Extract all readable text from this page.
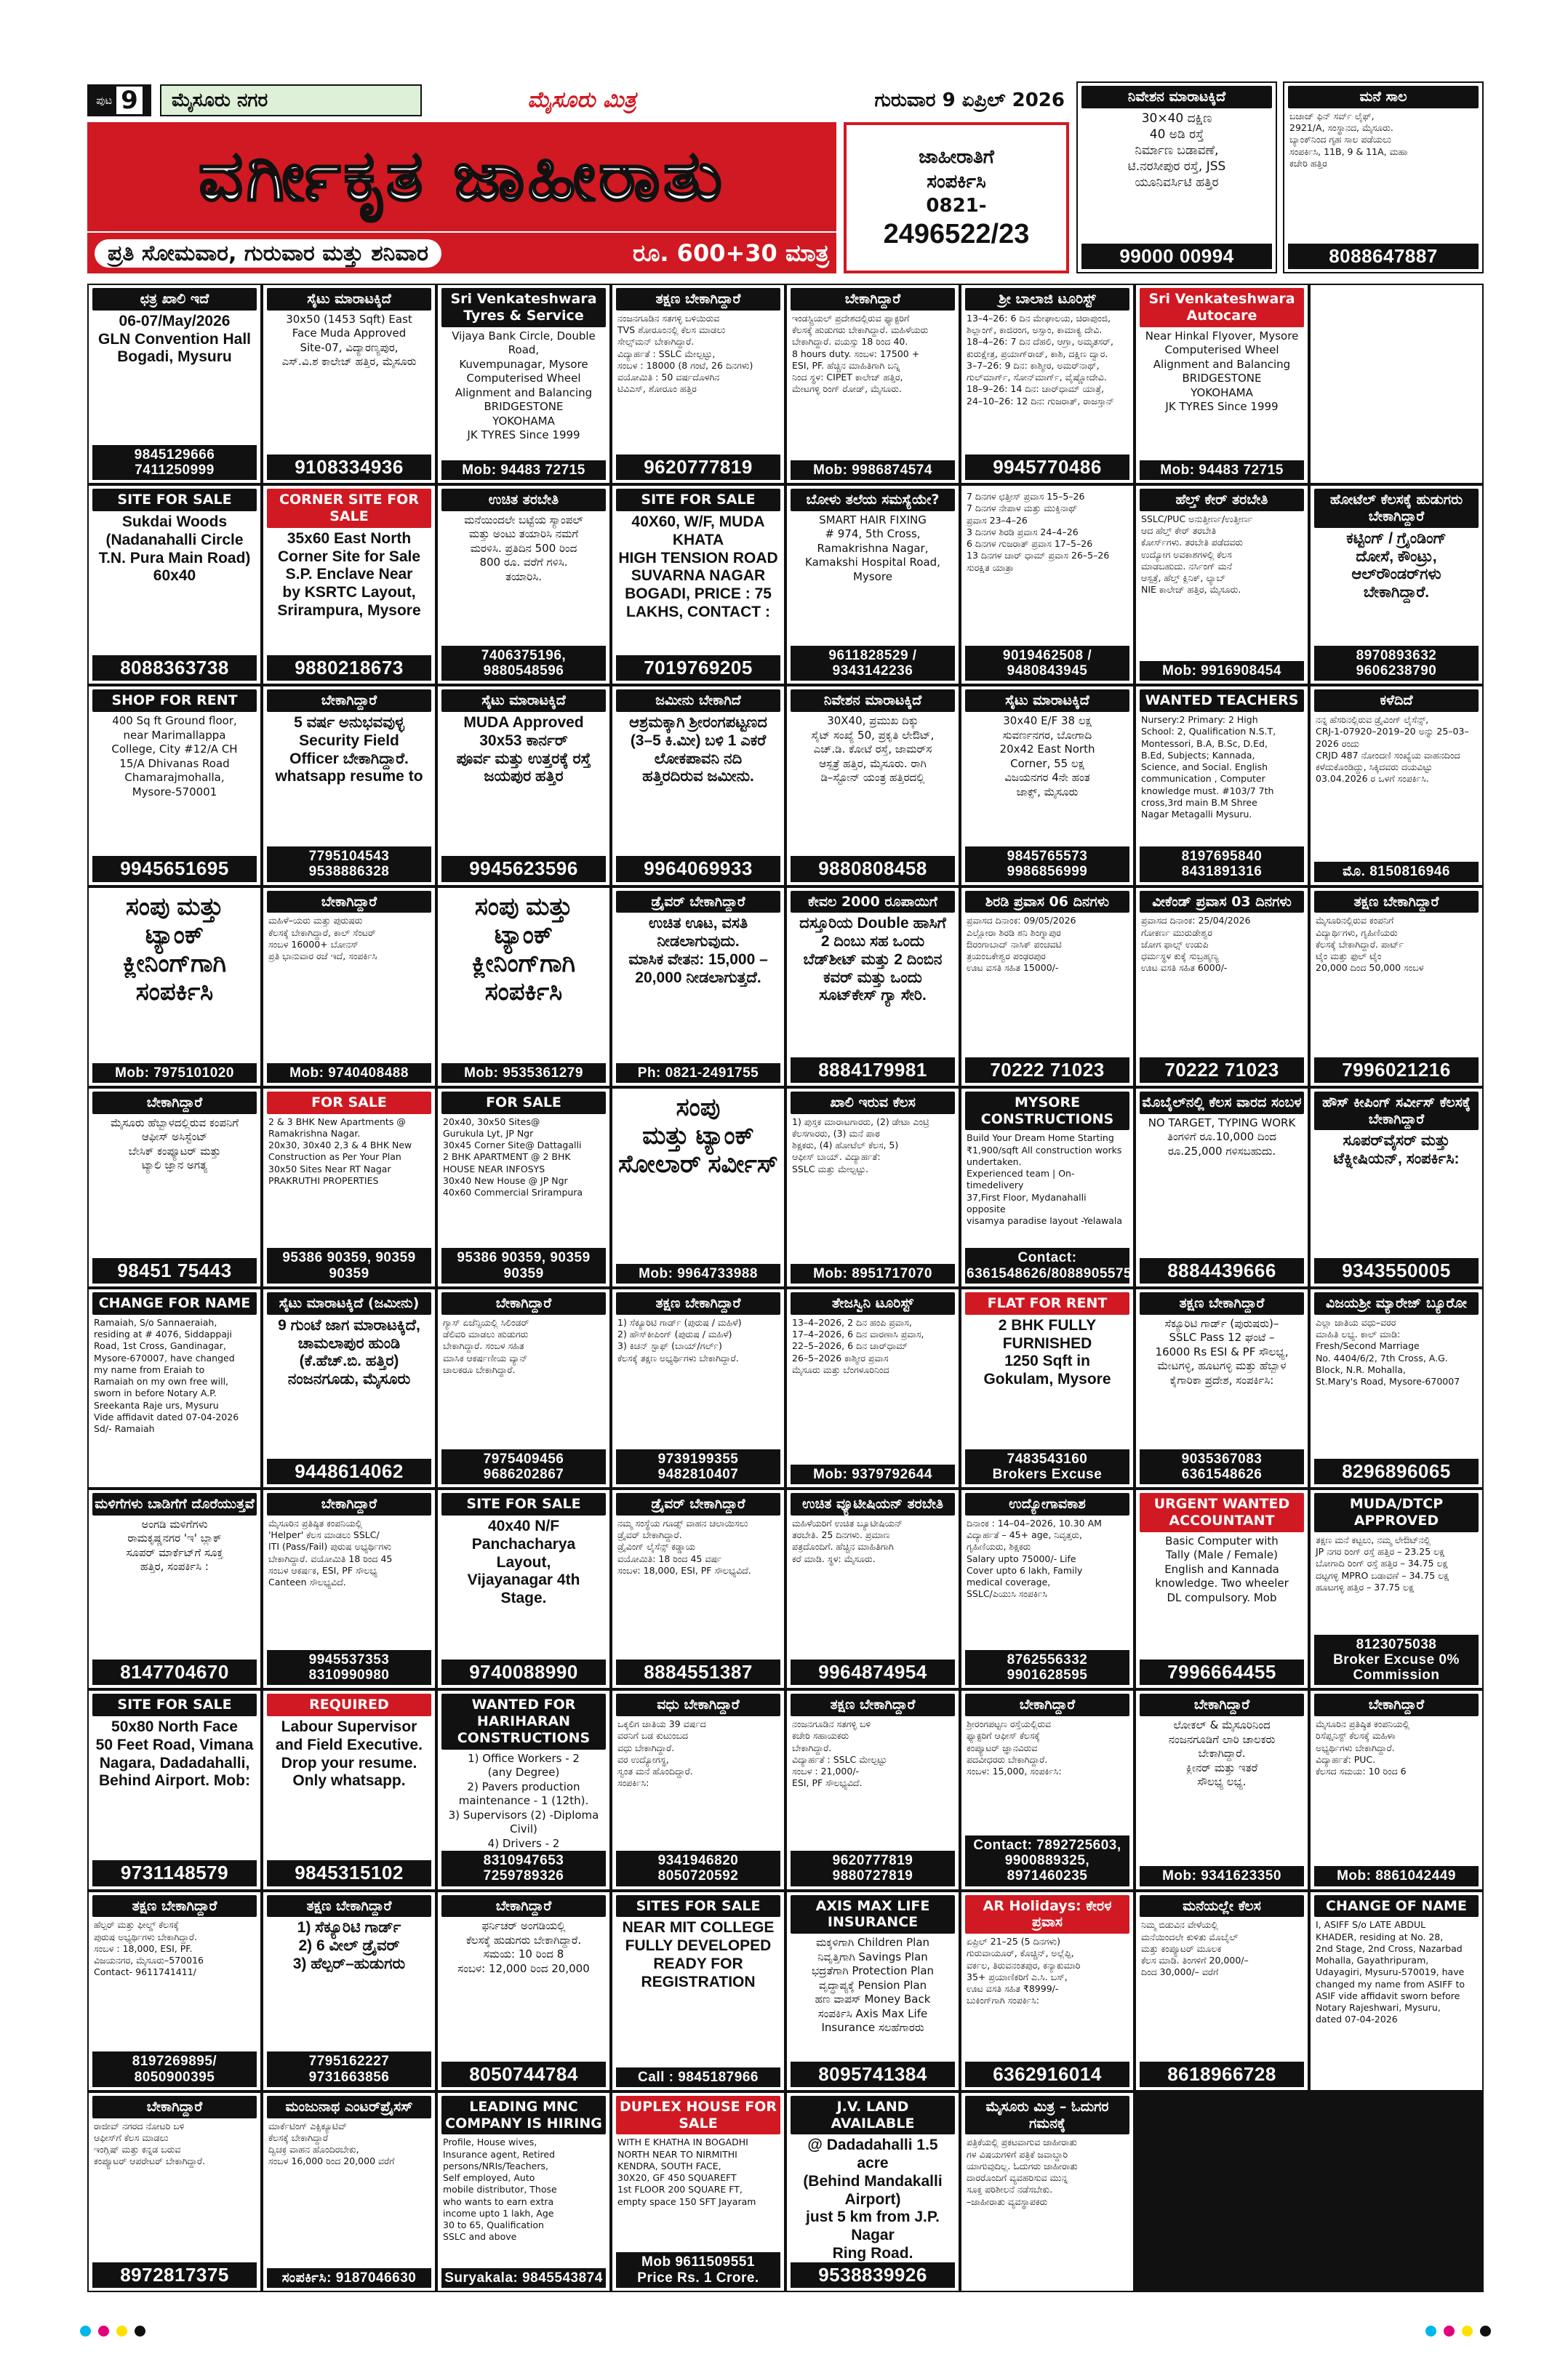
ಪುಟ 9	ಮೈಸೂರು ನಗರ	ಮೈಸೂರು ಮಿತ್ರ	ಗುರುವಾರ 9 ಏಪ್ರಿಲ್ 2026
ವರ್ಗೀಕೃತ ಜಾಹೀರಾತು
ಪ್ರತಿ ಸೋಮವಾರ, ಗುರುವಾರ ಮತ್ತು ಶನಿವಾರ	ರೂ. 600+30 ಮಾತ್ರ
ಜಾಹೀರಾತಿಗೆ
ಸಂಪರ್ಕಿಸಿ
0821-
2496522/23
ನಿವೇಶನ ಮಾರಾಟಕ್ಕಿದೆ
30×40 ದಕ್ಷಿಣ
40 ಅಡಿ ರಸ್ತೆ
ನಿರ್ಮಾಣ ಬಡಾವಣೆ,
ಟಿ.ನರಸೀಪುರ ರಸ್ತೆ, JSS
ಯೂನಿವರ್ಸಿಟಿ ಹತ್ತಿರ
99000 00994
ಮನೆ ಸಾಲ
ಬಜಾಜ್ ಫಿನ್ ಸರ್ವ್ ಲೈಫ್,
2921/A, ಸಂಸ್ಥಾನದ, ಮೈಸೂರು.
ಬ್ಯಾಂಕ್‌ನಿಂದ ಗೃಹ ಸಾಲ ಪಡೆಯಲು
ಸಂಪರ್ಕಿಸಿ, 11B, 9 & 11A, ಮಹಾ
ಕಚೇರಿ ಹತ್ತಿರ
8088647887
ಛತ್ರ ಖಾಲಿ ಇದೆ
06-07/May/2026
GLN Convention Hall
Bogadi, Mysuru
9845129666
7411250999
ಸೈಟು ಮಾರಾಟಕ್ಕಿದೆ
30x50 (1453 Sqft) East
Face Muda Approved
Site-07, ವಿದ್ಯಾರಣ್ಯಪುರ,
ಎಸ್.ವಿ.ಶ ಕಾಲೇಜ್ ಹತ್ತಿರ, ಮೈಸೂರು
9108334936
Sri Venkateshwara Tyres & Service
Vijaya Bank Circle, Double Road,
Kuvempunagar, Mysore
Computerised Wheel
Alignment and Balancing
BRIDGESTONE
YOKOHAMA
JK TYRES Since 1999
Mob: 94483 72715
ತಕ್ಷಣ ಬೇಕಾಗಿದ್ದಾರೆ
ನಂಜನಗೂಡಿನ ಸತಗಳ್ಳಿ ಬಳಿಯಿರುವ
TVS ಶೋರೂಂನಲ್ಲಿ ಕೆಲಸ ಮಾಡಲು
ಸೇಲ್ಸ್‌ಮನ್ ಬೇಕಾಗಿದ್ದಾರೆ.
ವಿದ್ಯಾರ್ಹತೆ : SSLC ಮೇಲ್ಪಟ್ಟು,
ಸಂಬಳ : 18000 (8 ಗಂಟೆ, 26 ದಿನಗಳು)
ವಯೋಮಿತಿ : 50 ವರ್ಷದೊಳಗಿನ
ಟಿವಿಎಸ್, ಶೋರೂಂ ಹತ್ತಿರ
9620777819
ಬೇಕಾಗಿದ್ದಾರೆ
ಇಂಡಸ್ಟ್ರಿಯಲ್ ಪ್ರದೇಶದಲ್ಲಿರುವ ಫ್ಯಾಕ್ಟರಿಗೆ
ಕೆಲಸಕ್ಕೆ ಹುಡುಗರು ಬೇಕಾಗಿದ್ದಾರೆ. ಮಹಿಳೆಯರು
ಬೇಕಾಗಿದ್ದಾರೆ. ವಯಸ್ಸು 18 ರಿಂದ 40.
8 hours duty. ಸಂಬಳ: 17500 +
ESI, PF. ಹೆಚ್ಚಿನ ಮಾಹಿತಿಗಾಗಿ ಬನ್ನಿ
ನಿಂದ ಸ್ಥಳ: CIPET ಕಾಲೇಜ್ ಹತ್ತಿರ,
ಮೇಟಗಳ್ಳಿ ರಿಂಗ್ ರೋಡ್, ಮೈಸೂರು.
Mob: 9986874574
ಶ್ರೀ ಬಾಲಾಜಿ ಟೂರಿಸ್ಟ್
13–4–26: 6 ದಿನ ಮೇಘಾಲಯ, ಚಿರಾಪುಂಜಿ,
ಶಿಲ್ಲಾಂಗ್, ಕಾಜಿರಂಗ, ಅಸ್ಸಾಂ, ಕಾಮಾಕ್ಯ ದೇವಿ.
18–4–26: 7 ದಿನ ದೆಹಲಿ, ಆಗ್ರಾ, ಅಮೃತಸರ್,
ಕುರುಕ್ಷೇತ್ರ, ಪ್ರಯಾಗ್‌ರಾಜ್, ಕಾಶಿ, ದಕ್ಷಿಣ ದ್ವಾರ.
3–7–26: 9 ದಿನ: ಕಾಶ್ಮೀರ, ಅಮರ್‌ನಾಥ್,
ಗುಲ್‌ಮಾರ್ಗ್, ಸೋನ್‌ಮಾರ್ಗ್, ವೈಷ್ಣೋದೇವಿ.
18–9–26: 14 ದಿನ: ಚಾರ್‌ಧಾಮ್ ಯಾತ್ರೆ,
24–10–26: 12 ದಿನ: ಗುಜರಾತ್, ರಾಜಸ್ತಾನ್
9945770486
Sri Venkateshwara Autocare
Near Hinkal Flyover, Mysore
Computerised Wheel
Alignment and Balancing
BRIDGESTONE
YOKOHAMA
JK TYRES Since 1999
Mob: 94483 72715
SITE FOR SALE
Sukdai Woods
(Nadanahalli Circle
T.N. Pura Main Road)
60x40
8088363738
CORNER SITE FOR SALE
35x60 East North
Corner Site for Sale
S.P. Enclave Near
by KSRTC Layout,
Srirampura, Mysore
9880218673
ಉಚಿತ ತರಬೇತಿ
ಮನೆಯಿಂದಲೇ ಬಟ್ಟೆಯ ಸ್ಯಾಂಪಲ್
ಮತ್ತು ಅಂಟು ತಯಾರಿಸಿ ನಮಗೆ
ಮರಳಿಸಿ. ಪ್ರತಿದಿನ 500 ರಿಂದ
800 ರೂ. ವರೆಗೆ ಗಳಿಸಿ.
ತಯಾರಿಸಿ.
7406375196, 9880548596
SITE FOR SALE
40X60, W/F, MUDA KHATA
HIGH TENSION ROAD
SUVARNA NAGAR
BOGADI, PRICE : 75
LAKHS, CONTACT :
7019769205
ಬೋಳು ತಲೆಯ ಸಮಸ್ಯೆಯೇ?
SMART HAIR FIXING
# 974, 5th Cross, Ramakrishna Nagar,
Kamakshi Hospital Road, Mysore
9611828529 / 9343142236
7 ದಿನಗಳ ಛತ್ತೀಸ್ ಪ್ರವಾಸ 15–5–26
7 ದಿನಗಳ ನೇಪಾಳ ಮತ್ತು ಮುಕ್ತಿನಾಥ್
ಪ್ರವಾಸ 23–4–26
3 ದಿನಗಳ ಶಿರಡಿ ಪ್ರವಾಸ 24–4–26
6 ದಿನಗಳ ಗುಜರಾತ್ ಪ್ರವಾಸ 17–5–26
13 ದಿನಗಳ ಚಾರ್ ಧಾಮ್ ಪ್ರವಾಸ 26–5–26
ಸುರಕ್ಷಿತ ಯಾತ್ರಾ
9019462508 / 9480843945
ಹೆಲ್ತ್ ಕೇರ್ ತರಬೇತಿ
SSLC/PUC ಅನುತ್ತೀರ್ಣ/ಉತ್ತೀರ್ಣ
ಆದ ಹೆಲ್ತ್ ಕೇರ್ ತರಬೇತಿ
ಕೋರ್ಸ್‌ಗಳು. ತರಬೇತಿ ಪಡೆದವರು
ಉದ್ಯೋಗ ಅವಕಾಶಗಳಲ್ಲಿ ಕೆಲಸ
ಮಾಡಬಹುದು. ನರ್ಸಿಂಗ್ ಮನೆ
ಆಸ್ಪತ್ರೆ, ಹೆಲ್ತ್ ಕ್ಲಿನಿಕ್, ಲ್ಯಾಬ್
NIE ಕಾಲೇಜ್ ಹತ್ತಿರ, ಮೈಸೂರು.
Mob: 9916908454
ಹೋಟೆಲ್ ಕೆಲಸಕ್ಕೆ ಹುಡುಗರು ಬೇಕಾಗಿದ್ದಾರೆ
ಕಟ್ಟಿಂಗ್ / ಗ್ರೈಂಡಿಂಗ್
ದೋಸೆ, ಕೌಂಟ್ರು,
ಆಲ್‌ರೌಂಡರ್‌ಗಳು
ಬೇಕಾಗಿದ್ದಾರೆ.
8970893632
9606238790
SHOP FOR RENT
400 Sq ft Ground floor,
near Marimallappa
College, City #12/A CH
15/A Dhivanas Road
Chamarajmohalla,
Mysore-570001
9945651695
ಬೇಕಾಗಿದ್ದಾರೆ
5 ವರ್ಷ ಅನುಭವವುಳ್ಳ
Security Field
Officer ಬೇಕಾಗಿದ್ದಾರೆ.
whatsapp resume to
7795104543
9538886328
ಸೈಟು ಮಾರಾಟಕ್ಕಿದೆ
MUDA Approved
30x53 ಕಾರ್ನರ್
ಪೂರ್ವ ಮತ್ತು ಉತ್ತರಕ್ಕೆ ರಸ್ತೆ
ಜಯಪುರ ಹತ್ತಿರ
9945623596
ಜಮೀನು ಬೇಕಾಗಿದೆ
ಆಶ್ರಮಕ್ಕಾಗಿ ಶ್ರೀರಂಗಪಟ್ಟಣದ
(3–5 ಕಿ.ಮೀ) ಬಳಿ 1 ಎಕರೆ
ಲೋಕಪಾವನಿ ನದಿ
ಹತ್ತಿರದಿರುವ ಜಮೀನು.
9964069933
ನಿವೇಶನ ಮಾರಾಟಕ್ಕಿದೆ
30X40, ಪ್ರಮುಖ ದಿಕ್ಕು
ಸೈಟ್ ಸಂಖ್ಯೆ 50, ಪ್ರಕೃತಿ ಲೇಔಟ್,
ಎಚ್.ಡಿ. ಕೋಟೆ ರಸ್ತೆ, ಜಾಮರ್‌ಸ
ಆಸ್ಪತ್ರೆ ಹತ್ತಿರ, ಮೈಸೂರು. ರಾಗಿ
ಡಿ–ಸ್ಟೋನ್ ಯಂತ್ರ ಹತ್ತಿರದಲ್ಲಿ
9880808458
ಸೈಟು ಮಾರಾಟಕ್ಕಿದೆ
30x40 E/F 38 ಲಕ್ಷ
ಸುವರ್ಣನಗರ, ಬೋಗಾದಿ
20x42 East North
Corner, 55 ಲಕ್ಷ
ವಿಜಯನಗರ 4ನೇ ಹಂತ
ಜಾಕ್ಸ್, ಮೈಸೂರು
9845765573
9986856999
WANTED TEACHERS
Nursery:2 Primary: 2 High
School: 2, Qualification N.S.T,
Montessori, B.A, B.Sc, D.Ed,
B.Ed, Subjects; Kannada,
Science, and Social. English
communication , Computer
knowledge must. #103/7 7th
cross,3rd main B.M Shree
Nagar Metagalli Mysuru.
8197695840
8431891316
ಕಳೆದಿದೆ
ನನ್ನ ಹೆಸರಿನಲ್ಲಿರುವ ಡ್ರೈವಿಂಗ್ ಲೈಸೆನ್ಸ್,
CRJ-1-07920–2019–20 ಅನ್ನು 25–03–2026 ರಂದು
CRJD 487 ನೋಂದಣಿ ಸಂಖ್ಯೆಯ ವಾಹನದಿಂದ
ಕಳೆದುಕೊಂಡಿದ್ದು, ಸಿಕ್ಕಿದವರು ದಯವಿಟ್ಟು
03.04.2026 ರ ಒಳಗೆ ಸಂಪರ್ಕಿಸಿ.
ಮೊ. 8150816946
ಸಂಪು ಮತ್ತು ಟ್ಯಾಂಕ್
ಕ್ಲೀನಿಂಗ್‌ಗಾಗಿ
ಸಂಪರ್ಕಿಸಿ
Mob: 7975101020
ಬೇಕಾಗಿದ್ದಾರೆ
ಮಹಿಳೆ–ಯರು ಮತ್ತು ಪುರುಷರು
ಕೆಲಸಕ್ಕೆ ಬೇಕಾಗಿದ್ದಾರೆ, ಕಾಲ್ ಸೆಂಟರ್
ಸಂಬಳ 16000+ ಬೋನಸ್
ಪ್ರತಿ ಭಾನುವಾರ ರಜೆ ಇದೆ, ಸಂಪರ್ಕಿಸಿ
Mob: 9740408488
ಸಂಪು ಮತ್ತು ಟ್ಯಾಂಕ್
ಕ್ಲೀನಿಂಗ್‌ಗಾಗಿ
ಸಂಪರ್ಕಿಸಿ
Mob: 9535361279
ಡ್ರೈವರ್ ಬೇಕಾಗಿದ್ದಾರೆ
ಉಚಿತ ಊಟ, ವಸತಿ
ನೀಡಲಾಗುವುದು.
ಮಾಸಿಕ ವೇತನ: 15,000 –
20,000 ನೀಡಲಾಗುತ್ತದೆ.
Ph: 0821-2491755
ಕೇವಲ 2000 ರೂಪಾಯಿಗೆ
ದಸ್ತೂರಿಯ Double ಹಾಸಿಗೆ
2 ದಿಂಬು ಸಹ ಒಂದು
ಬೆಡ್‌ಶೀಟ್ ಮತ್ತು 2 ದಿಂಬಿನ
ಕವರ್ ಮತ್ತು ಒಂದು
ಸೂಟ್‌ಕೇಸ್ ಗ್ಯಾ ಸೇರಿ.
8884179981
ಶಿರಡಿ ಪ್ರವಾಸ 06 ದಿನಗಳು
ಪ್ರವಾಸದ ದಿನಾಂಕ: 09/05/2026
ಎಲ್ಲೋರಾ ಶಿರಡಿ ಶನಿ ಶಿಂಗ್ನಾಪುರ
ಔರಂಗಾಬಾದ್ ನಾಸಿಕ್ ಪಂಚವಟಿ
ತ್ರಯಂಬಕೇಶ್ವರ ಪಂಢರಪುರ
ಊಟ ವಸತಿ ಸಹಿತ 15000/-
70222 71023
ವೀಕೆಂಡ್ ಪ್ರವಾಸ 03 ದಿನಗಳು
ಪ್ರವಾಸದ ದಿನಾಂಕ: 25/04/2026
ಗೋಕರ್ಣ ಮುರುಡೇಶ್ವರ
ಜೋಗ ಫಾಲ್ಸ್ ಉಡುಪಿ
ಧರ್ಮಸ್ಥಳ ಕುಕ್ಕೆ ಸುಬ್ರಹ್ಮಣ್ಯ
ಊಟ ವಸತಿ ಸಹಿತ 6000/-
70222 71023
ತಕ್ಷಣ ಬೇಕಾಗಿದ್ದಾರೆ
ಮೈಸೂರಿನಲ್ಲಿರುವ ಕಂಪನಿಗೆ
ವಿದ್ಯಾರ್ಥಿಗಳು, ಗೃಹಿಣಿಯರು
ಕೆಲಸಕ್ಕೆ ಬೇಕಾಗಿದ್ದಾರೆ. ಪಾರ್ಟ್
ಟೈಂ ಮತ್ತು ಫುಲ್ ಟೈಂ
20,000 ದಿಂದ 50,000 ಸಂಬಳ
7996021216
ಬೇಕಾಗಿದ್ದಾರೆ
ಮೈಸೂರು ಹೆಬ್ಬಾಳದಲ್ಲಿರುವ ಕಂಪನಿಗೆ
ಆಫೀಸ್ ಅಸಿಸ್ಟೆಂಟ್
ಬೇಸಿಕ್ ಕಂಪ್ಯೂಟರ್ ಮತ್ತು
ಟ್ಯಾಲಿ ಜ್ಞಾನ ಅಗತ್ಯ
98451 75443
FOR SALE
2 & 3 BHK New Apartments @
Ramakrishna Nagar.
20x30, 30x40 2,3 & 4 BHK New
Construction as Per Your Plan
30x50 Sites Near RT Nagar
PRAKRUTHI PROPERTIES
95386 90359, 90359 90359
FOR SALE
20x40, 30x50 Sites@
Gurukula Lyt, JP Ngr
30x45 Corner Site@ Dattagalli
2 BHK APARTMENT @ 2 BHK
HOUSE NEAR INFOSYS
30x40 New House @ JP Ngr
40x60 Commercial Srirampura
95386 90359, 90359 90359
ಸಂಪು
ಮತ್ತು ಟ್ಯಾಂಕ್
ಸೋಲಾರ್ ಸರ್ವೀಸ್
Mob: 9964733988
ಖಾಲಿ ಇರುವ ಕೆಲಸ
1) ಪುಸ್ತಕ ಮಾರಾಟಗಾರರು, (2) ಡೇಟಾ ಎಂಟ್ರಿ
ಕೆಲಸಗಾರರು, (3) ಮನೆ ಪಾಠ
ಶಿಕ್ಷಕರು, (4) ಹೋಟೆಲ್ ಕೆಲಸ, 5)
ಆಫೀಸ್ ಬಾಯ್. ವಿದ್ಯಾರ್ಹತೆ:
SSLC ಮತ್ತು ಮೇಲ್ಪಟ್ಟು.
Mob: 8951717070
MYSORE CONSTRUCTIONS
Build Your Dream Home Starting
₹1,900/sqft All construction works
undertaken.
Experienced team | On-timedelivery
37,First Floor, Mydanahalli opposite
visamya paradise layout -Yelawala
Contact: 6361548626/8088905575
ಮೊಬೈಲ್‌ನಲ್ಲಿ ಕೆಲಸ ವಾರದ ಸಂಬಳ
NO TARGET, TYPING WORK
ತಿಂಗಳಿಗೆ ರೂ.10,000 ದಿಂದ
ರೂ.25,000 ಗಳಿಸಬಹುದು.
8884439666
ಹೌಸ್ ಕೀಪಿಂಗ್ ಸರ್ವೀಸ್ ಕೆಲಸಕ್ಕೆ ಬೇಕಾಗಿದ್ದಾರೆ
ಸೂಪರ್‌ವೈಸರ್ ಮತ್ತು
ಟೆಕ್ನೀಷಿಯನ್, ಸಂಪರ್ಕಿಸಿ:
9343550005
CHANGE FOR NAME
Ramaiah, S/o Sannaeraiah,
residing at # 4076, Siddappaji
Road, 1st Cross, Gandinagar,
Mysore-670007, have changed
my name from Eraiah to
Ramaiah on my own free will,
sworn in before Notary A.P.
Sreekanta Raje urs, Mysuru
Vide affidavit dated 07-04-2026
Sd/- Ramaiah
ಸೈಟು ಮಾರಾಟಕ್ಕಿದೆ (ಜಮೀನು)
9 ಗುಂಟೆ ಜಾಗ ಮಾರಾಟಕ್ಕಿದೆ,
ಚಾಮಲಾಪುರ ಹುಂಡಿ
(ಕೆ.ಹೆಚ್.ಬಿ. ಹತ್ತಿರ)
ನಂಜನಗೂಡು, ಮೈಸೂರು
9448614062
ಬೇಕಾಗಿದ್ದಾರೆ
ಗ್ಯಾಸ್ ಏಜೆನ್ಸಿಯಲ್ಲಿ ಸಿಲಿಂಡರ್
ಡೆಲಿವರಿ ಮಾಡಲು ಹುಡುಗರು
ಬೇಕಾಗಿದ್ದಾರೆ. ಸಂಬಳ ಸಹಿತ
ಮಾಸಿಕ ಆಕರ್ಷಣೀಯ ವ್ಯಾನ್
ಚಾಲಕರೂ ಬೇಕಾಗಿದ್ದಾರೆ.
7975409456
9686202867
ತಕ್ಷಣ ಬೇಕಾಗಿದ್ದಾರೆ
1) ಸೆಕ್ಯೂರಿಟಿ ಗಾರ್ಡ್ (ಪುರುಷ / ಮಹಿಳೆ)
2) ಹೌಸ್‌ಕೀಪಿಂಗ್ (ಪುರುಷ / ಮಹಿಳೆ)
3) ಕಿಚನ್ ಸ್ಟಾಫ್ (ಬಾಯ್/ಗರ್ಲ್)
ಕೆಲಸಕ್ಕೆ ತಕ್ಷಣ ಅಭ್ಯರ್ಥಿಗಳು ಬೇಕಾಗಿದ್ದಾರೆ.
9739199355
9482810407
ತೇಜಸ್ವಿನಿ ಟೂರಿಸ್ಟ್
13–4–2026, 2 ದಿನ ಹಂಪಿ ಪ್ರವಾಸ,
17–4–2026, 6 ದಿನ ವಾರಣಾಸಿ ಪ್ರವಾಸ,
22–5–2026, 6 ದಿನ ಚಾರ್‌ಧಾಮ್
26–5–2026 ಕಾಶ್ಮೀರ ಪ್ರವಾಸ
ಮೈಸೂರು ಮತ್ತು ಬೆಂಗಳೂರಿನಿಂದ
Mob: 9379792644
FLAT FOR RENT
2 BHK FULLY
FURNISHED
1250 Sqft in
Gokulam, Mysore
7483543160
Brokers Excuse
ತಕ್ಷಣ ಬೇಕಾಗಿದ್ದಾರೆ
ಸೆಕ್ಯೂರಿಟಿ ಗಾರ್ಡ್ (ಪುರುಷರು)–
SSLC Pass 12 ಘಂಟೆ –
16000 Rs ESI & PF ಸೌಲಭ್ಯ,
ಮೇಟಗಳ್ಳಿ, ಹೂಟಗಳ್ಳಿ ಮತ್ತು ಹೆಬ್ಬಾಳ
ಕೈಗಾರಿಕಾ ಪ್ರದೇಶ, ಸಂಪರ್ಕಿಸಿ:
9035367083
6361548626
ವಿಜಯಶ್ರೀ ಮ್ಯಾರೇಜ್ ಬ್ಯೂರೋ
ಎಲ್ಲಾ ಜಾತಿಯ ವಧು–ವರರ
ಮಾಹಿತಿ ಲಭ್ಯ. ಕಾಲ್ ಮಾಡಿ:
Fresh/Second Marriage
No. 4404/6/2, 7th Cross, A.G.
Block, N.R. Mohalla,
St.Mary's Road, Mysore-670007
8296896065
ಮಳಿಗೆಗಳು ಬಾಡಿಗೆಗೆ ದೊರೆಯುತ್ತವೆ
ಅಂಗಡಿ ಮಳಿಗೆಗಳು
ರಾಮಕೃಷ್ಣನಗರ 'ಇ' ಬ್ಲಾಕ್
ಸೂಪರ್ ಮಾರ್ಕೆಟ್‌ಗೆ ಸೂಕ್ತ
ಹತ್ತಿರ, ಸಂಪರ್ಕಿಸಿ :
8147704670
ಬೇಕಾಗಿದ್ದಾರೆ
ಮೈಸೂರಿನ ಪ್ರತಿಷ್ಠಿತ ಕಂಪನಿಯಲ್ಲಿ
'Helper' ಕೆಲಸ ಮಾಡಲು SSLC/
ITI (Pass/Fail) ಪುರುಷ ಅಭ್ಯರ್ಥಿಗಳು
ಬೇಕಾಗಿದ್ದಾರೆ. ವಯೋಮಿತಿ 18 ರಿಂದ 45
ಸಂಬಳ ಆಕರ್ಷಕ, ESI, PF ಸೌಲಭ್ಯ
Canteen ಸೌಲಭ್ಯವಿದೆ.
9945537353
8310990980
SITE FOR SALE
40x40 N/F
Panchacharya Layout,
Vijayanagar 4th Stage.
9740088990
ಡ್ರೈವರ್ ಬೇಕಾಗಿದ್ದಾರೆ
ನಮ್ಮ ಸಂಸ್ಥೆಯ ಗೂಡ್ಸ್ ವಾಹನ ಚಲಾಯಿಸಲು
ಡ್ರೈವರ್ ಬೇಕಾಗಿದ್ದಾರೆ.
ಡ್ರೈವಿಂಗ್ ಲೈಸೆನ್ಸ್ ಕಡ್ಡಾಯ
ವಯೋಮಿತಿ: 18 ರಿಂದ 45 ವರ್ಷ
ಸಂಬಳ: 18,000, ESI, PF ಸೌಲಭ್ಯವಿದೆ.
8884551387
ಉಚಿತ ವ್ಯೂಟೀಷಿಯನ್ ತರಬೇತಿ
ಮಹಿಳೆಯರಿಗೆ ಉಚಿತ ಬ್ಯೂಟೀಷಿಯನ್
ತರಬೇತಿ. 25 ದಿನಗಳು. ಪ್ರಮಾಣ
ಪತ್ರದೊಂದಿಗೆ. ಹೆಚ್ಚಿನ ಮಾಹಿತಿಗಾಗಿ
ಕರೆ ಮಾಡಿ. ಸ್ಥಳ: ಮೈಸೂರು.
9964874954
ಉದ್ಯೋಗಾವಕಾಶ
ದಿನಾಂಕ : 14–04–2026, 10.30 AM
ವಿದ್ಯಾರ್ಹತೆ – 45+ age, ನಿವೃತ್ತರು,
ಗೃಹಿಣಿಯರು, ಶಿಕ್ಷಕರು
Salary upto 75000/- Life
Cover upto 6 lakh, Family
medical coverage,
SSLC/ಪಿಯುಸಿ ಸಂಪರ್ಕಿಸಿ
8762556332
9901628595
URGENT WANTED ACCOUNTANT
Basic Computer with
Tally (Male / Female)
English and Kannada
knowledge. Two wheeler
DL compulsory. Mob
7996664455
MUDA/DTCP APPROVED
ತಕ್ಷಣ ಮನೆ ಕಟ್ಟಲು, ನಮ್ಮ ಲೇಔಟ್‌ನಲ್ಲಿ
JP ನಗರ ರಿಂಗ್ ರಸ್ತೆ ಹತ್ತಿರ – 23.25 ಲಕ್ಷ
ಬೋಗಾದಿ ರಿಂಗ್ ರಸ್ತೆ ಹತ್ತಿರ – 34.75 ಲಕ್ಷ
ದಟ್ಟಗಳ್ಳಿ MPRO ಬಡಾವಣೆ – 34.75 ಲಕ್ಷ
ಹೂಟಗಳ್ಳಿ ಹತ್ತಿರ – 37.75 ಲಕ್ಷ
8123075038
Broker Excuse 0% Commission
SITE FOR SALE
50x80 North Face
50 Feet Road, Vimana
Nagara, Dadadahalli,
Behind Airport. Mob:
9731148579
REQUIRED
Labour Supervisor
and Field Executive.
Drop your resume.
Only whatsapp.
9845315102
WANTED FOR HARIHARAN CONSTRUCTIONS
1) Office Workers - 2
(any Degree)
2) Pavers production
maintenance - 1 (12th).
3) Supervisors (2) -Diploma
Civil)
4) Drivers - 2
8310947653
7259789326
ವಧು ಬೇಕಾಗಿದ್ದಾರೆ
ಒಕ್ಕಲಿಗ ಜಾತಿಯ 39 ವರ್ಷದ
ವರನಿಗೆ ಬಡ ಕುಟುಂಬದ
ವಧು ಬೇಕಾಗಿದ್ದಾರೆ.
ವರ ಉದ್ಯೋಗಸ್ಥ,
ಸ್ವಂತ ಮನೆ ಹೊಂದಿದ್ದಾರೆ.
ಸಂಪರ್ಕಿಸಿ:
9341946820
8050720592
ತಕ್ಷಣ ಬೇಕಾಗಿದ್ದಾರೆ
ನಂಜನಗೂಡಿನ ಸತಗಳ್ಳಿ ಬಳಿ
ಕಚೇರಿ ಸಹಾಯಕರು
ಬೇಕಾಗಿದ್ದಾರೆ.
ವಿದ್ಯಾರ್ಹತೆ : SSLC ಮೇಲ್ಪಟ್ಟು
ಸಂಬಳ : 21,000/-
ESI, PF ಸೌಲಭ್ಯವಿದೆ.
9620777819
9880727819
ಬೇಕಾಗಿದ್ದಾರೆ
ಶ್ರೀರಂಗಪಟ್ಟಣ ರಸ್ತೆಯಲ್ಲಿರುವ
ಫ್ಯಾಕ್ಟರಿಗೆ ಆಫೀಸ್ ಕೆಲಸಕ್ಕೆ
ಕಂಪ್ಯೂಟರ್ ಜ್ಞಾನವಿರುವ
ಪದವೀಧರರು ಬೇಕಾಗಿದ್ದಾರೆ.
ಸಂಬಳ: 15,000, ಸಂಪರ್ಕಿಸಿ:
Contact: 7892725603,
9900889325, 8971460235
ಬೇಕಾಗಿದ್ದಾರೆ
ಲೋಕಲ್ & ಮೈಸೂರಿನಿಂದ
ನಂಜನಗೂಡಿಗೆ ಲಾರಿ ಚಾಲಕರು
ಬೇಕಾಗಿದ್ದಾರೆ.
ಕ್ಲೀನರ್ ಮತ್ತು ಇತರೆ
ಸೌಲಭ್ಯ ಲಭ್ಯ.
Mob: 9341623350
ಬೇಕಾಗಿದ್ದಾರೆ
ಮೈಸೂರಿನ ಪ್ರತಿಷ್ಠಿತ ಕಂಪನಿಯಲ್ಲಿ
ರಿಸೆಪ್ಷನಿಸ್ಟ್ ಕೆಲಸಕ್ಕೆ ಮಹಿಳಾ
ಅಭ್ಯರ್ಥಿಗಳು ಬೇಕಾಗಿದ್ದಾರೆ.
ವಿದ್ಯಾರ್ಹತೆ: PUC.
ಕೆಲಸದ ಸಮಯ: 10 ರಿಂದ 6
Mob: 8861042449
ತಕ್ಷಣ ಬೇಕಾಗಿದ್ದಾರೆ
ಹೆಲ್ಪರ್ ಮತ್ತು ಫೀಲ್ಡ್ ಕೆಲಸಕ್ಕೆ
ಪುರುಷ ಅಭ್ಯರ್ಥಿಗಳು ಬೇಕಾಗಿದ್ದಾರೆ.
ಸಂಬಳ : 18,000, ESI, PF.
ವಿಜಯನಗರ, ಮೈಸೂರು–570016
Contact- 9611741411/
8197269895/ 8050900395
ತಕ್ಷಣ ಬೇಕಾಗಿದ್ದಾರೆ
1) ಸೆಕ್ಯೂರಿಟಿ ಗಾರ್ಡ್
2) 6 ವೀಲ್ ಡ್ರೈವರ್
3) ಹೆಲ್ಪರ್–ಹುಡುಗರು
7795162227
9731663856
ಬೇಕಾಗಿದ್ದಾರೆ
ಫರ್ನಿಚರ್ ಅಂಗಡಿಯಲ್ಲಿ
ಕೆಲಸಕ್ಕೆ ಹುಡುಗರು ಬೇಕಾಗಿದ್ದಾರೆ.
ಸಮಯ: 10 ರಿಂದ 8
ಸಂಬಳ: 12,000 ರಿಂದ 20,000
8050744784
SITES FOR SALE
NEAR MIT COLLEGE
FULLY DEVELOPED
READY FOR
REGISTRATION
Call : 9845187966
AXIS MAX LIFE INSURANCE
ಮಕ್ಕಳಿಗಾಗಿ Children Plan
ನಿವೃತ್ತಿಗಾಗಿ Savings Plan
ಭದ್ರತೆಗಾಗಿ Protection Plan
ವೃದ್ಧಾಪ್ಯಕ್ಕೆ Pension Plan
ಹಣ ವಾಪಸ್ Money Back
ಸಂಪರ್ಕಿಸಿ Axis Max Life
Insurance ಸಲಹೆಗಾರರು
8095741384
AR Holidays: ಕೇರಳ ಪ್ರವಾಸ
ಏಪ್ರಿಲ್ 21–25 (5 ದಿನಗಳು)
ಗುರುವಾಯೂರ್, ಕೊಚ್ಚಿನ್, ಅಲ್ಲೆಪ್ಪಿ,
ವರ್ಕಲ, ತಿರುವನಂತಪುರ, ಕನ್ಯಾಕುಮಾರಿ
35+ ಪ್ರಯಾಣಿಕರಿಗೆ ಎ.ಸಿ. ಬಸ್,
ಊಟ ವಸತಿ ಸಹಿತ ₹8999/-
ಬುಕಿಂಗ್‌ಗಾಗಿ ಸಂಪರ್ಕಿಸಿ:
6362916014
ಮನೆಯಲ್ಲೇ ಕೆಲಸ
ನಿಮ್ಮ ಬಿಡುವಿನ ವೇಳೆಯಲ್ಲಿ
ಮನೆಯಿಂದಲೇ ಕುಳಿತು ಮೊಬೈಲ್
ಮತ್ತು ಕಂಪ್ಯೂಟರ್ ಮೂಲಕ
ಕೆಲಸ ಮಾಡಿ. ತಿಂಗಳಿಗೆ 20,000/–
ದಿಂದ 30,000/– ವರೆಗೆ
8618966728
CHANGE OF NAME
I, ASIFF S/o LATE ABDUL
KHADER, residing at No. 28,
2nd Stage, 2nd Cross, Nazarbad
Mohalla, Gayathripuram,
Udayagiri, Mysuru-570019, have
changed my name from ASIFF to
ASIF vide affidavit sworn before
Notary Rajeshwari, Mysuru,
dated 07-04-2026
ಬೇಕಾಗಿದ್ದಾರೆ
ರಾಜೀವ್ ನಗರದ ನೋಟರಿ ಬಳಿ
ಆಫೀಸ್‌ಗೆ ಕೆಲಸ ಮಾಡಲು
ಇಂಗ್ಲಿಷ್ ಮತ್ತು ಕನ್ನಡ ಬರುವ
ಕಂಪ್ಯೂಟರ್ ಆಪರೇಟರ್ ಬೇಕಾಗಿದ್ದಾರೆ.
8972817375
ಮಂಜುನಾಥ ಎಂಟರ್‌ಪ್ರೈಸಸ್
ಮಾರ್ಕೆಟಿಂಗ್ ಎಕ್ಸಿಕ್ಯೂಟಿವ್
ಕೆಲಸಕ್ಕೆ ಬೇಕಾಗಿದ್ದಾರೆ
ದ್ವಿಚಕ್ರ ವಾಹನ ಹೊಂದಿರಬೇಕು,
ಸಂಬಳ 16,000 ರಿಂದ 20,000 ವರೆಗೆ
ಸಂಪರ್ಕಿಸಿ: 9187046630
LEADING MNC COMPANY IS HIRING
Profile, House wives,
Insurance agent, Retired
persons/NRIs/Teachers,
Self employed, Auto
mobile distributor, Those
who wants to earn extra
income upto 1 lakh, Age
30 to 65, Qualification
SSLC and above
Suryakala: 9845543874
DUPLEX HOUSE FOR SALE
WITH E KHATHA IN BOGADHI
NORTH NEAR TO NIRMITHI
KENDRA, SOUTH FACE,
30X20, GF 450 SQUAREFT
1st FLOOR 200 SQUARE FT,
empty space 150 SFT Jayaram
Mob 9611509551
Price Rs. 1 Crore.
J.V. LAND AVAILABLE
@ Dadadahalli 1.5 acre
(Behind Mandakalli Airport)
just 5 km from J.P. Nagar
Ring Road.
9538839926
ಮೈಸೂರು ಮಿತ್ರ – ಓದುಗರ ಗಮನಕ್ಕೆ
ಪತ್ರಿಕೆಯಲ್ಲಿ ಪ್ರಕಟವಾಗುವ ಜಾಹೀರಾತು
ಗಳ ವಿಷಯಗಳಿಗೆ ಪತ್ರಿಕೆ ಜವಾಬ್ದಾರಿ
ಯಾಗುವುದಿಲ್ಲ. ಓದುಗರು ಜಾಹೀರಾತು
ದಾರರೊಂದಿಗೆ ವ್ಯವಹರಿಸುವ ಮುನ್ನ
ಸೂಕ್ತ ಪರಿಶೀಲನೆ ನಡೆಸಬೇಕು.
–ಜಾಹೀರಾತು ವ್ಯವಸ್ಥಾಪಕರು
